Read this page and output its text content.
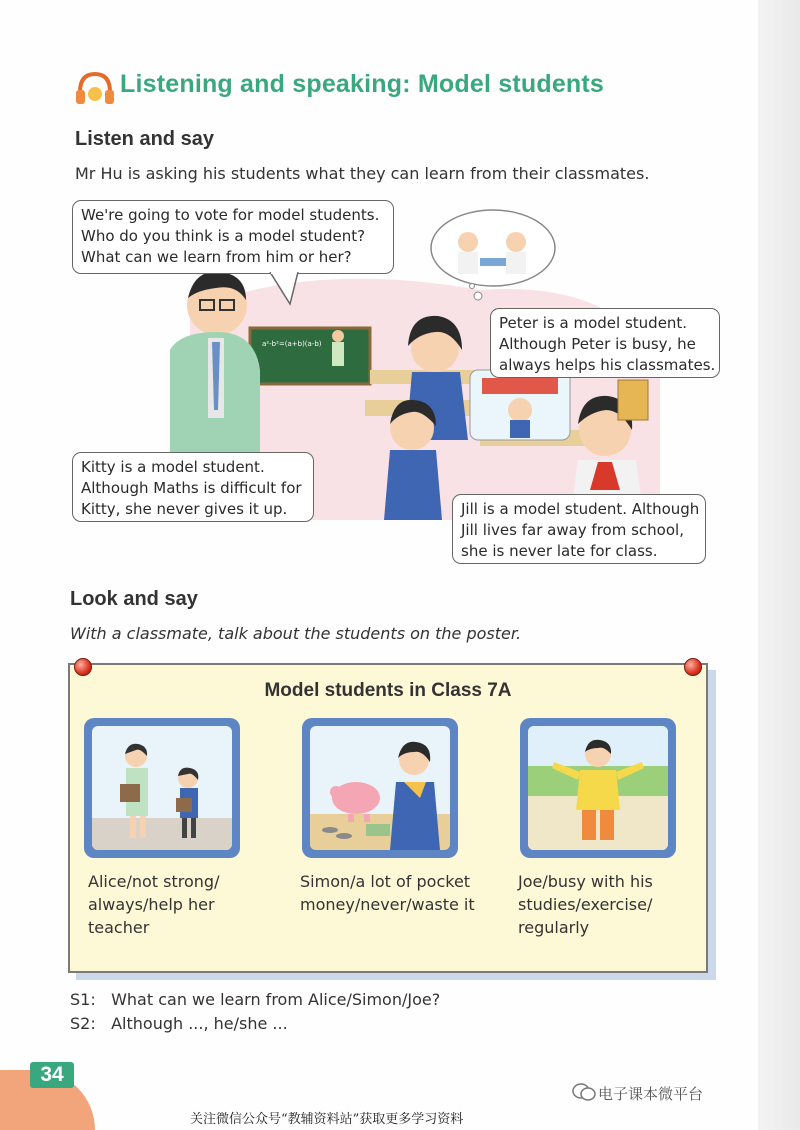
Listening and speaking: Model students
Listen and say
Mr Hu is asking his students what they can learn from their classmates.
a²-b²=(a+b)(a-b)
We're going to vote for model students.
Who do you think is a model student?
What can we learn from him or her?
Peter is a model student.
Although Peter is busy, he
always helps his classmates.
Kitty is a model student.
Although Maths is difficult for
Kitty, she never gives it up.	Jill is a model student. Although
Jill lives far away from school,
she is never late for class.
Look and say
With a classmate, talk about the students on the poster.
Model students in Class 7A
Alice/not strong/
always/help her
teacher
Simon/a lot of pocket
money/never/waste it
Joe/busy with his
studies/exercise/
regularly
S1: What can we learn from Alice/Simon/Joe?
S2: Although ..., he/she ...
34
电子课本微平台
关注微信公众号“教辅资料站”获取更多学习资料
